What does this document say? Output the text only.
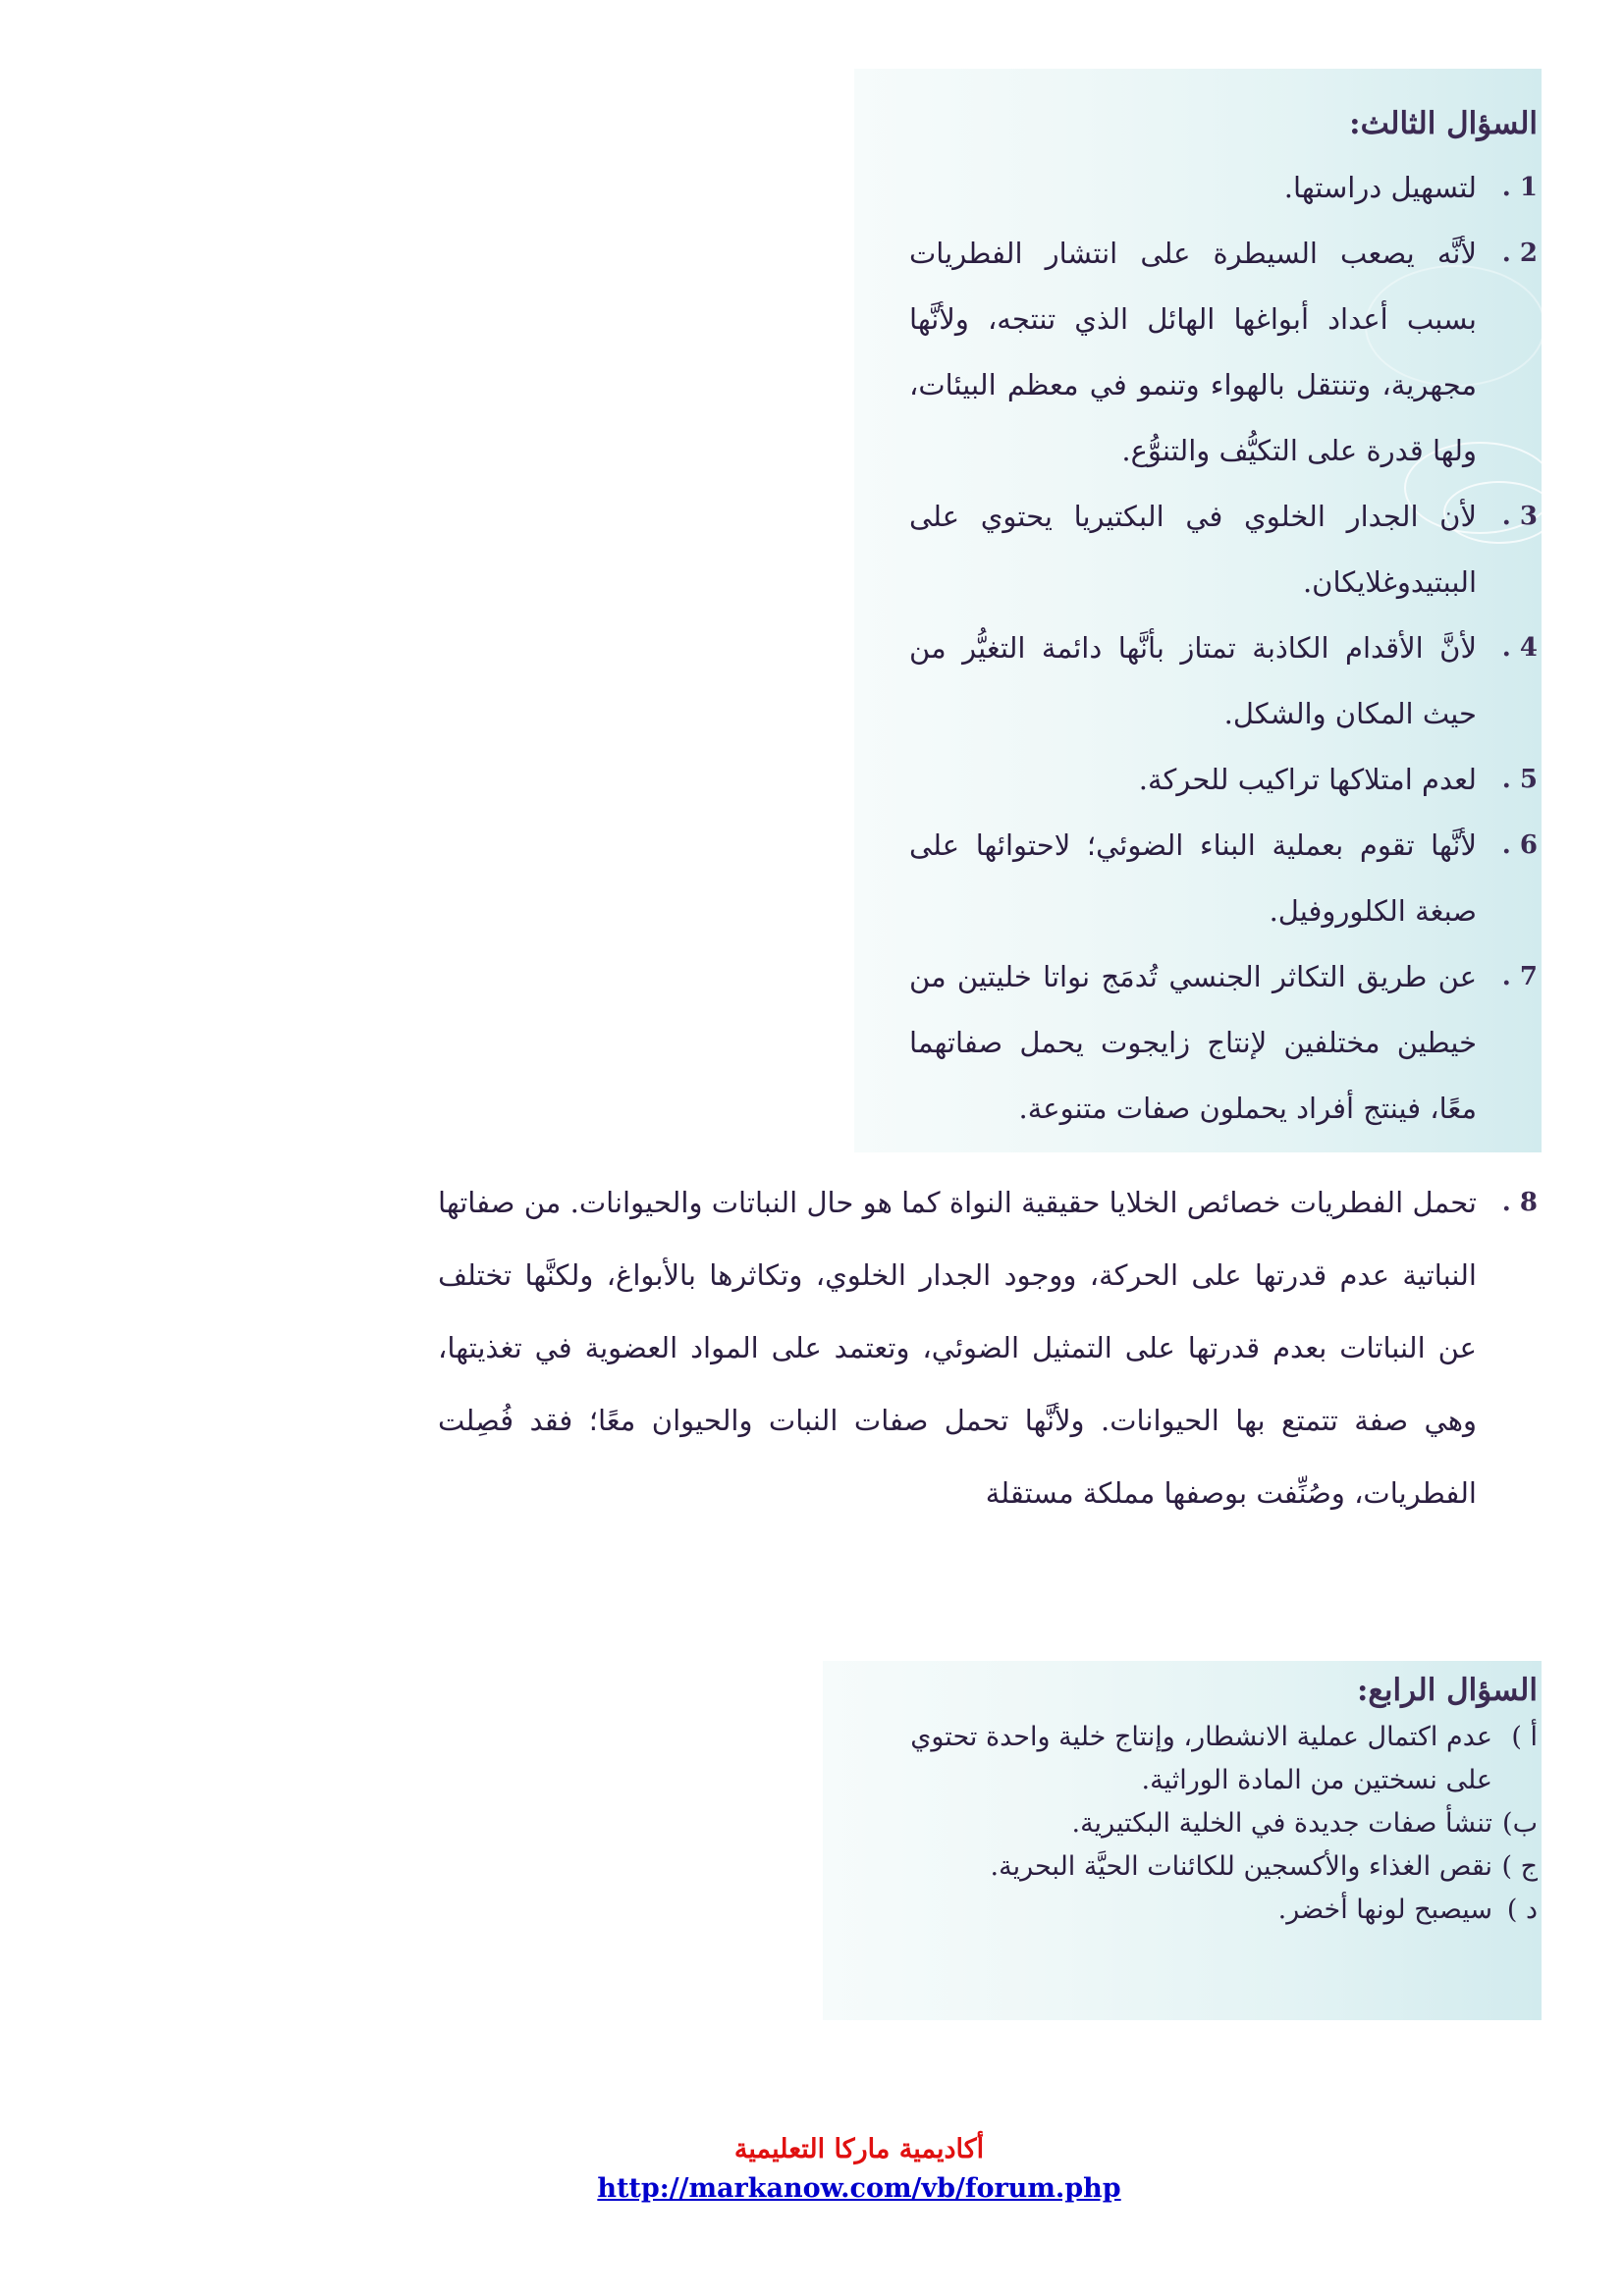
السؤال الثالث:
1 .
لتسهيل دراستها.
2 .
لأنَّه يصعب السيطرة على انتشار الفطريات بسبب أعداد أبواغها الهائل الذي تنتجه، ولأنَّها مجهرية، وتنتقل بالهواء وتنمو في معظم البيئات، ولها قدرة على التكيُّف والتنوُّع.
3 .
لأن الجدار الخلوي في البكتيريا يحتوي على الببتيدوغلايكان.
4 .
لأنَّ الأقدام الكاذبة تمتاز بأنَّها دائمة التغيُّر من حيث المكان والشكل.
5 .
لعدم امتلاكها تراكيب للحركة.
6 .
لأنَّها تقوم بعملية البناء الضوئي؛ لاحتوائها على صبغة الكلوروفيل.
7 .
عن طريق التكاثر الجنسي تُدمَج نواتا خليتين من خيطين مختلفين لإنتاج زايجوت يحمل صفاتهما معًا، فينتج أفراد يحملون صفات متنوعة.
8 .
تحمل الفطريات خصائص الخلايا حقيقية النواة كما هو حال النباتات والحيوانات. من صفاتها النباتية عدم قدرتها على الحركة، ووجود الجدار الخلوي، وتكاثرها بالأبواغ، ولكنَّها تختلف عن النباتات بعدم قدرتها على التمثيل الضوئي، وتعتمد على المواد العضوية في تغذيتها، وهي صفة تتمتع بها الحيوانات. ولأنَّها تحمل صفات النبات والحيوان معًا؛ فقد فُصِلت الفطريات، وصُنِّفت بوصفها مملكة مستقلة
السؤال الرابع:
أ )
عدم اكتمال عملية الانشطار، وإنتاج خلية واحدة تحتوي على نسختين من المادة الوراثية.
ب)
تنشأ صفات جديدة في الخلية البكتيرية.
ج )
نقص الغذاء والأكسجين للكائنات الحيَّة البحرية.
د )
سيصبح لونها أخضر.
أكاديمية ماركا التعليمية
http://markanow.com/vb/forum.php
